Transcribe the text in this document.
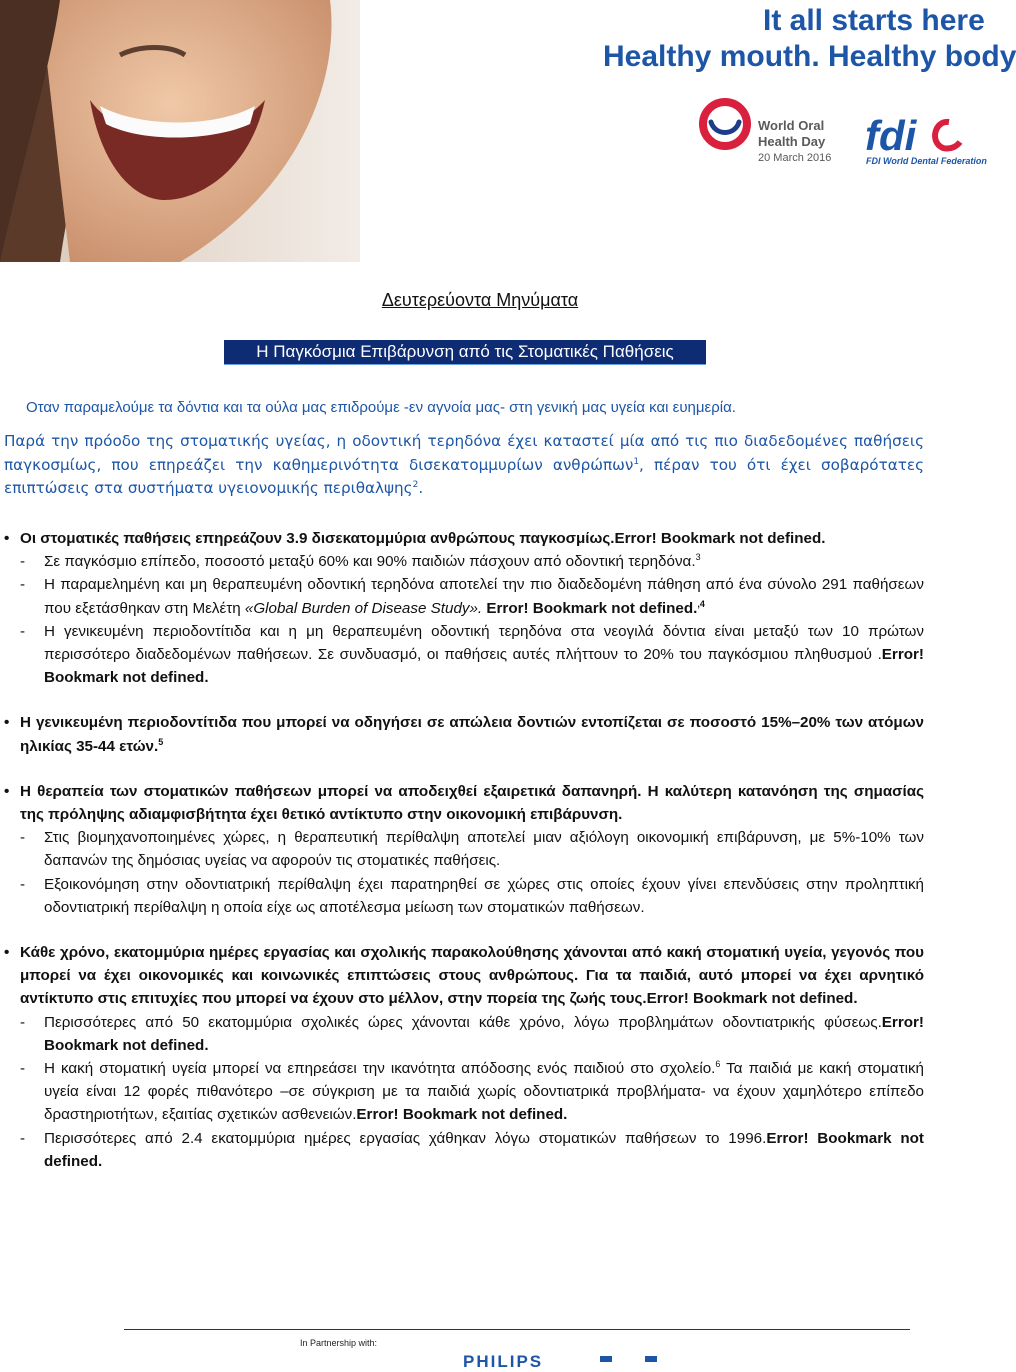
It all starts here
Healthy mouth. Healthy body
World Oral
Health Day
20 March 2016 fdi
FDI World Dental Federation
Δευτερεύοντα Μηνύματα
Η Παγκόσμια Επιβάρυνση από τις Στοματικές Παθήσεις
Οταν παραμελούμε τα δόντια και τα ούλα μας επιδρούμε -εν αγνοία μας- στη γενική μας υγεία και ευημερία.
Παρά την πρόοδο της στοματικής υγείας, η οδοντική τερηδόνα έχει καταστεί μία από τις πιο διαδεδομένες παθήσεις παγκοσμίως, που επηρεάζει την καθημερινότητα δισεκατομμυρίων ανθρώπων$^1$, πέραν του ότι έχει σοβαρότατες επιπτώσεις στα συστήματα υγειονομικής περιθαλψης$^2$.
• Οι στοματικές παθήσεις επηρεάζουν 3.9 δισεκατομμύρια ανθρώπους παγκοσμίως.Error! Bookmark not defined.
- Σε παγκόσμιο επίπεδο, ποσοστό μεταξύ 60% και 90% παιδιών πάσχουν από οδοντική τερηδόνα.$^3$
- Η παραμελημένη και μη θεραπευμένη οδοντική τερηδόνα αποτελεί την πιο διαδεδομένη πάθηση από ένα σύνολο 291 παθήσεων που εξετάσθηκαν στη Μελέτη «Global Burden of Disease Study». Error! Bookmark not defined.$^{,4}$
- Η γενικευμένη περιοδοντίτιδα και η μη θεραπευμένη οδοντική τερηδόνα στα νεογιλά δόντια είναι μεταξύ των 10 πρώτων περισσότερο διαδεδομένων παθήσεων. Σε συνδυασμό, οι παθήσεις αυτές πλήττουν το 20% του παγκόσμιου πληθυσμού .Error! Bookmark not defined.
• Η γενικευμένη περιοδοντίτιδα που μπορεί να οδηγήσει σε απώλεια δοντιών εντοπίζεται σε ποσοστό 15%–20% των ατόμων ηλικίας 35-44 ετών.$^5$
• Η θεραπεία των στοματικών παθήσεων μπορεί να αποδειχθεί εξαιρετικά δαπανηρή. Η καλύτερη κατανόηση της σημασίας της πρόληψης αδιαμφισβήτητα έχει θετικό αντίκτυπο στην οικονομική επιβάρυνση.
- Στις βιομηχανοποιημένες χώρες, η θεραπευτική περίθαλψη αποτελεί μιαν αξιόλογη οικονομική επιβάρυνση, με 5%-10% των δαπανών της δημόσιας υγείας να αφορούν τις στοματικές παθήσεις.
- Εξοικονόμηση στην οδοντιατρική περίθαλψη έχει παρατηρηθεί σε χώρες στις οποίες έχουν γίνει επενδύσεις στην προληπτική οδοντιατρική περίθαλψη η οποία είχε ως αποτέλεσμα μείωση των στοματικών παθήσεων.
• Κάθε χρόνο, εκατομμύρια ημέρες εργασίας και σχολικής παρακολούθησης χάνονται από κακή στοματική υγεία, γεγονός που μπορεί να έχει οικονομικές και κοινωνικές επιπτώσεις στους ανθρώπους. Για τα παιδιά, αυτό μπορεί να έχει αρνητικό αντίκτυπο στις επιτυχίες που μπορεί να έχουν στο μέλλον, στην πορεία της ζωής τους.Error! Bookmark not defined.
- Περισσότερες από 50 εκατομμύρια σχολικές ώρες χάνονται κάθε χρόνο, λόγω προβλημάτων οδοντιατρικής φύσεως.Error! Bookmark not defined.
- Η κακή στοματική υγεία μπορεί να επηρεάσει την ικανότητα απόδοσης ενός παιδιού στο σχολείο.$^6$ Τα παιδιά με κακή στοματική υγεία είναι 12 φορές πιθανότερο –σε σύγκριση με τα παιδιά χωρίς οδοντιατρικά προβλήματα- να έχουν χαμηλότερο επίπεδο δραστηριοτήτων, εξαιτίας σχετικών ασθενειών.Error! Bookmark not defined.
- Περισσότερες από 2.4 εκατομμύρια ημέρες εργασίας χάθηκαν λόγω στοματικών παθήσεων το 1996.Error! Bookmark not defined.
In Partnership with:
PHILIPS
